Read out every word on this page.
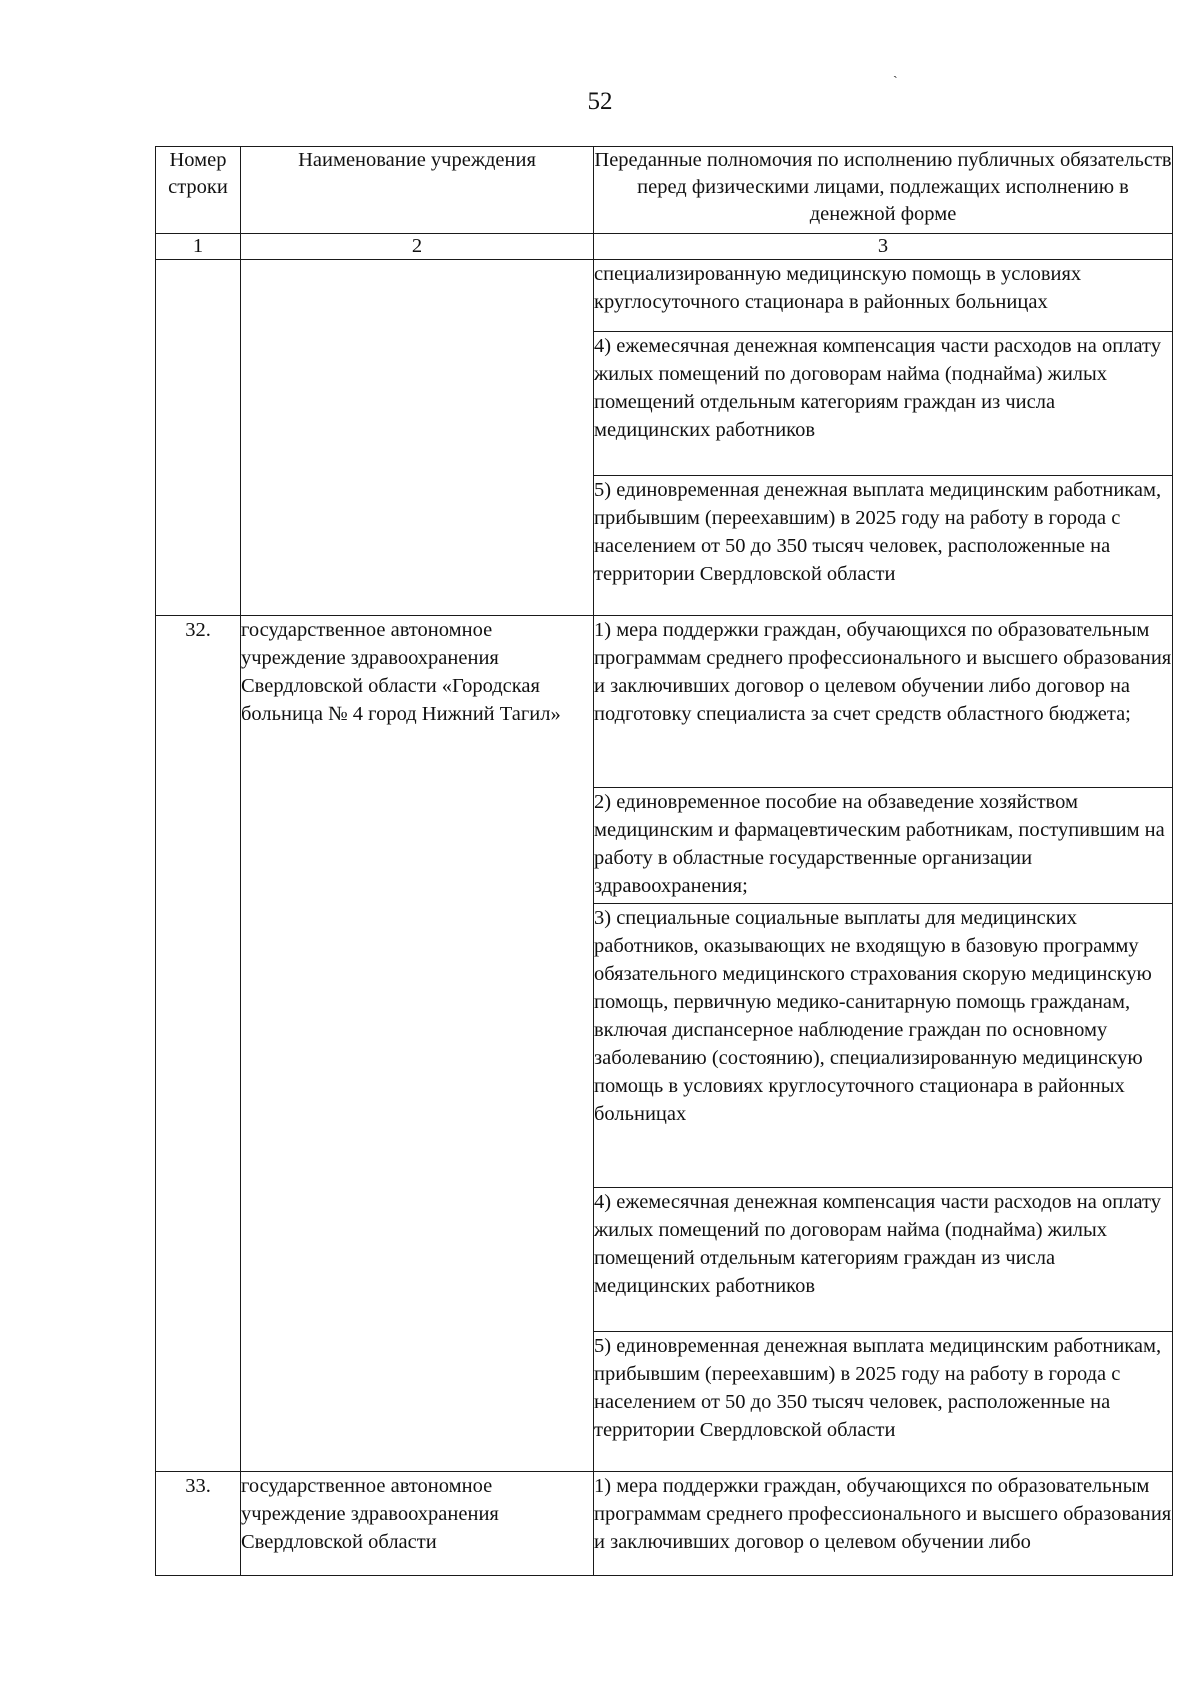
52
ˏ
Номер строки	Наименование учреждения	Переданные полномочия по исполнению публичных обязательств перед физическими лицами, подлежащих исполнению в денежной форме
1	2	3
		специализированную медицинскую помощь в условиях круглосуточного стационара в районных больницах
		4) ежемесячная денежная компенсация части расходов на оплату жилых помещений по договорам найма (поднайма) жилых помещений отдельным категориям граждан из числа медицинских работников
		5) единовременная денежная выплата медицинским работникам, прибывшим (переехавшим) в 2025 году на работу в города с населением от 50 до 350 тысяч человек, расположенные на территории Свердловской области
32.	государственное автономное учреждение здравоохранения Свердловской области «Городская больница № 4 город Нижний Тагил»	1) мера поддержки граждан, обучающихся по образовательным программам среднего профессионального и высшего образования и заключивших договор о целевом обучении либо договор на подготовку специалиста за счет средств областного бюджета;
		2) единовременное пособие на обзаведение хозяйством медицинским и фармацевтическим работникам, поступившим на работу в областные государственные организации здравоохранения;
		3) специальные социальные выплаты для медицинских работников, оказывающих не входящую в базовую программу обязательного медицинского страхования скорую медицинскую помощь, первичную медико-санитарную помощь гражданам, включая диспансерное наблюдение граждан по основному заболеванию (состоянию), специализированную медицинскую помощь в условиях круглосуточного стационара в районных больницах
		4) ежемесячная денежная компенсация части расходов на оплату жилых помещений по договорам найма (поднайма) жилых помещений отдельным категориям граждан из числа медицинских работников
		5) единовременная денежная выплата медицинским работникам, прибывшим (переехавшим) в 2025 году на работу в города с населением от 50 до 350 тысяч человек, расположенные на территории Свердловской области
33.	государственное автономное учреждение здравоохранения Свердловской области	1) мера поддержки граждан, обучающихся по образовательным программам среднего профессионального и высшего образования и заключивших договор о целевом обучении либо
